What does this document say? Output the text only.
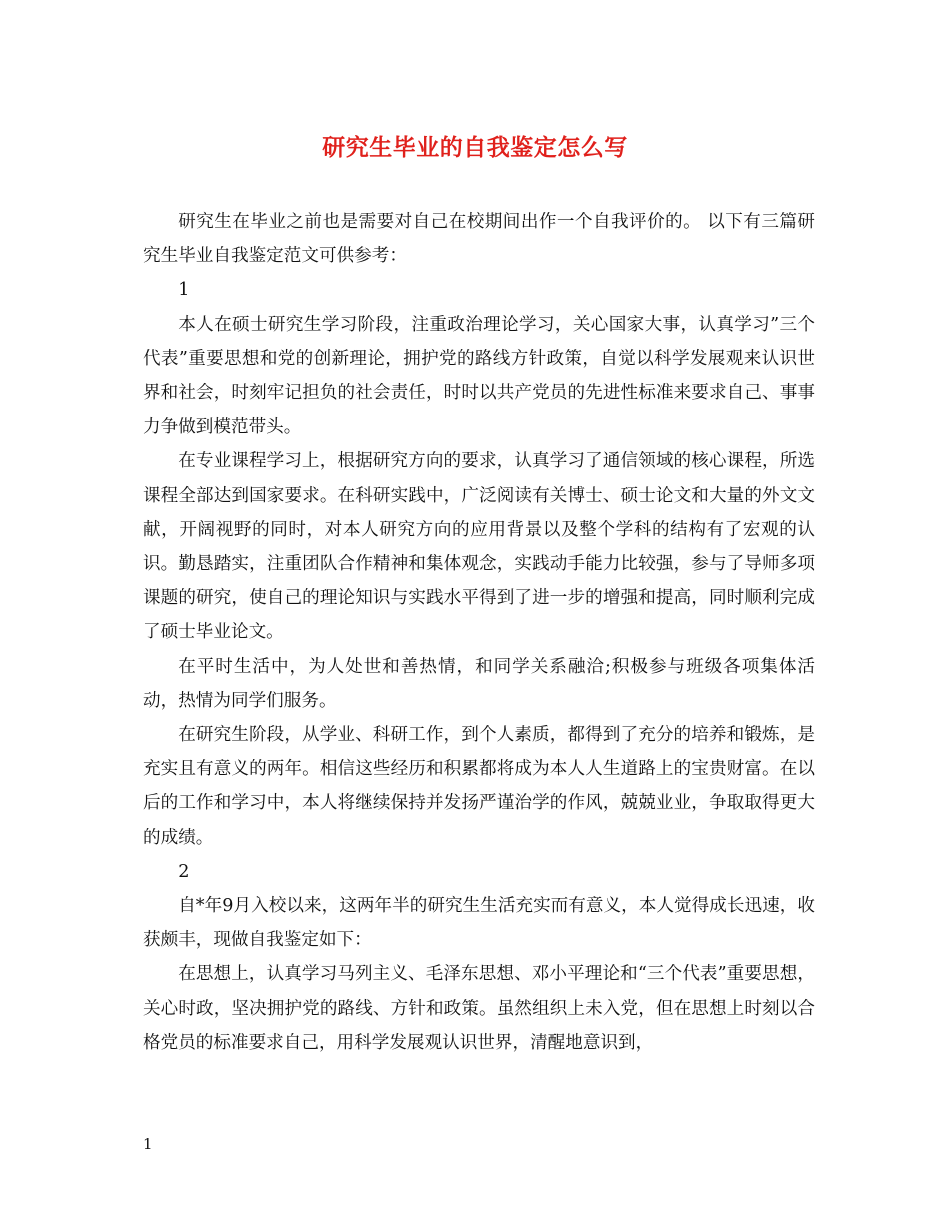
研究生毕业的自我鉴定怎么写

研究生在毕业之前也是需要对自己在校期间出作一个自我评价的。 以下有三篇研究生毕业自我鉴定范文可供参考：

1

本人在硕士研究生学习阶段，注重政治理论学习，关心国家大事，认真学习”三个代表”重要思想和党的创新理论，拥护党的路线方针政策，自觉以科学发展观来认识世界和社会，时刻牢记担负的社会责任，时时以共产党员的先进性标准来要求自己、事事力争做到模范带头。

在专业课程学习上，根据研究方向的要求，认真学习了通信领域的核心课程，所选课程全部达到国家要求。在科研实践中，广泛阅读有关博士、硕士论文和大量的外文文献，开阔视野的同时，对本人研究方向的应用背景以及整个学科的结构有了宏观的认识。勤恳踏实，注重团队合作精神和集体观念，实践动手能力比较强，参与了导师多项课题的研究，使自己的理论知识与实践水平得到了进一步的增强和提高，同时顺利完成了硕士毕业论文。

在平时生活中，为人处世和善热情，和同学关系融洽;积极参与班级各项集体活动，热情为同学们服务。

在研究生阶段，从学业、科研工作，到个人素质，都得到了充分的培养和锻炼，是充实且有意义的两年。相信这些经历和积累都将成为本人人生道路上的宝贵财富。在以后的工作和学习中，本人将继续保持并发扬严谨治学的作风，兢兢业业，争取取得更大的成绩。

2

自*年9月入校以来，这两年半的研究生生活充实而有意义，本人觉得成长迅速，收获颇丰，现做自我鉴定如下：

在思想上，认真学习马列主义、毛泽东思想、邓小平理论和“三个代表”重要思想，关心时政，坚决拥护党的路线、方针和政策。虽然组织上未入党，但在思想上时刻以合格党员的标准要求自己，用科学发展观认识世界，清醒地意识到，

1
